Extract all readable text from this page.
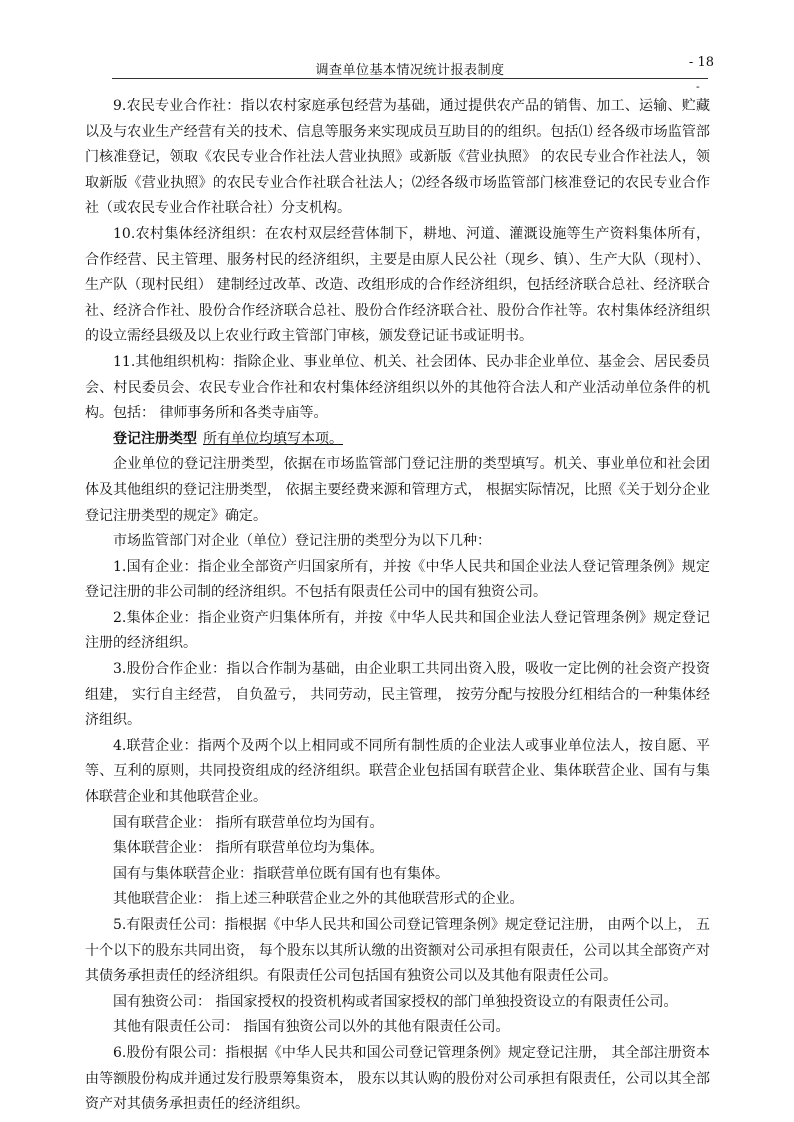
调查单位基本情况统计报表制度
- 18
-

9.农民专业合作社：指以农村家庭承包经营为基础，通过提供农产品的销售、加工、运输、贮藏以及与农业生产经营有关的技术、信息等服务来实现成员互助目的的组织。包括⑴ 经各级市场监管部门核准登记，领取《农民专业合作社法人营业执照》或新版《营业执照》 的农民专业合作社法人，领取新版《营业执照》的农民专业合作社联合社法人；⑵经各级市场监管部门核准登记的农民专业合作社（或农民专业合作社联合社）分支机构。

10.农村集体经济组织：在农村双层经营体制下，耕地、河道、灌溉设施等生产资料集体所有， 合作经营、民主管理、服务村民的经济组织，主要是由原人民公社（现乡、镇）、生产大队（现村）、生产队（现村民组） 建制经过改革、改造、改组形成的合作经济组织，包括经济联合总社、经济联合社、经济合作社、股份合作经济联合总社、股份合作经济联合社、股份合作社等。农村集体经济组织的设立需经县级及以上农业行政主管部门审核，颁发登记证书或证明书。

11.其他组织机构：指除企业、事业单位、机关、社会团体、民办非企业单位、基金会、居民委员会、村民委员会、农民专业合作社和农村集体经济组织以外的其他符合法人和产业活动单位条件的机构。包括： 律师事务所和各类寺庙等。

登记注册类型 所有单位均填写本项。

企业单位的登记注册类型，依据在市场监管部门登记注册的类型填写。机关、事业单位和社会团体及其他组织的登记注册类型， 依据主要经费来源和管理方式， 根据实际情况，比照《关于划分企业登记注册类型的规定》确定。

市场监管部门对企业（单位）登记注册的类型分为以下几种：

1.国有企业：指企业全部资产归国家所有，并按《中华人民共和国企业法人登记管理条例》规定登记注册的非公司制的经济组织。不包括有限责任公司中的国有独资公司。

2.集体企业：指企业资产归集体所有，并按《中华人民共和国企业法人登记管理条例》规定登记注册的经济组织。

3.股份合作企业：指以合作制为基础，由企业职工共同出资入股，吸收一定比例的社会资产投资组建， 实行自主经营， 自负盈亏， 共同劳动，民主管理， 按劳分配与按股分红相结合的一种集体经济组织。

4.联营企业：指两个及两个以上相同或不同所有制性质的企业法人或事业单位法人，按自愿、平等、互利的原则，共同投资组成的经济组织。联营企业包括国有联营企业、集体联营企业、国有与集体联营企业和其他联营企业。

国有联营企业： 指所有联营单位均为国有。

集体联营企业： 指所有联营单位均为集体。

国有与集体联营企业：指联营单位既有国有也有集体。

其他联营企业： 指上述三种联营企业之外的其他联营形式的企业。

5.有限责任公司：指根据《中华人民共和国公司登记管理条例》规定登记注册， 由两个以上， 五十个以下的股东共同出资， 每个股东以其所认缴的出资额对公司承担有限责任，公司以其全部资产对其债务承担责任的经济组织。有限责任公司包括国有独资公司以及其他有限责任公司。

国有独资公司： 指国家授权的投资机构或者国家授权的部门单独投资设立的有限责任公司。

其他有限责任公司： 指国有独资公司以外的其他有限责任公司。

6.股份有限公司：指根据《中华人民共和国公司登记管理条例》规定登记注册， 其全部注册资本由等额股份构成并通过发行股票筹集资本， 股东以其认购的股份对公司承担有限责任，公司以其全部资产对其债务承担责任的经济组织。
